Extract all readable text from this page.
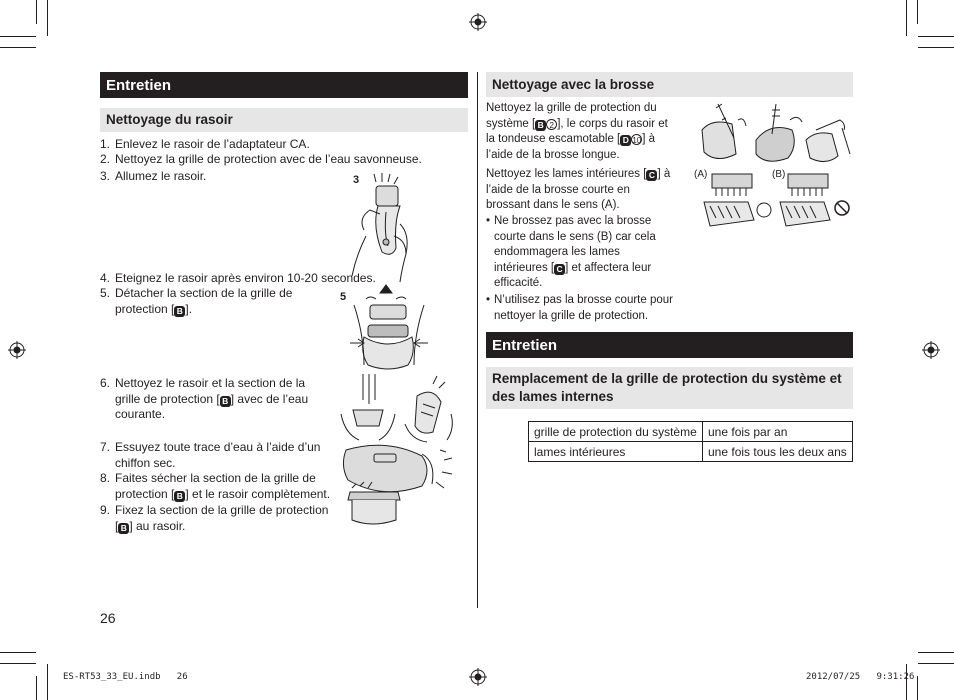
Entretien
Nettoyage du rasoir
1. Enlevez le rasoir de l’adaptateur CA.
2. Nettoyez la grille de protection avec de l’eau savonneuse.
3. Allumez le rasoir.	3
4. Eteignez le rasoir après environ 10-20 secondes.
5. Détacher la section de la grille de
protection [ B ].
5
6. Nettoyez le rasoir et la section de la
grille de protection [ B ] avec de l’eau
courante.
7. Essuyez toute trace d’eau à l’aide d’un
chiffon sec.
8. Faites sécher la section de la grille de
protection [ B ] et le rasoir complètement.
9. Fixez la section de la grille de protection
[ B ] au rasoir.
26
Nettoyage avec la brosse
Nettoyez la grille de protection du
système [ B 2 ], le corps du rasoir et
la tondeuse escamotable [ D 10] à
l’aide de la brosse longue.
Nettoyez les lames intérieures [ C ] à
l’aide de la brosse courte en
brossant dans le sens (A).
• Ne brossez pas avec la brosse
courte dans le sens (B) car cela
endommagera les lames
intérieures [ C ] et affectera leur
efficacité.
• N’utilisez pas la brosse courte pour
nettoyer la grille de protection.
(A)	(B)
Entretien
Remplacement de la grille de protection du système et
des lames internes
grille de protection du système	une fois par an
lames intérieures	une fois tous les deux ans
ES-RT53_33_EU.indb   26	2012/07/25   9:31:26
